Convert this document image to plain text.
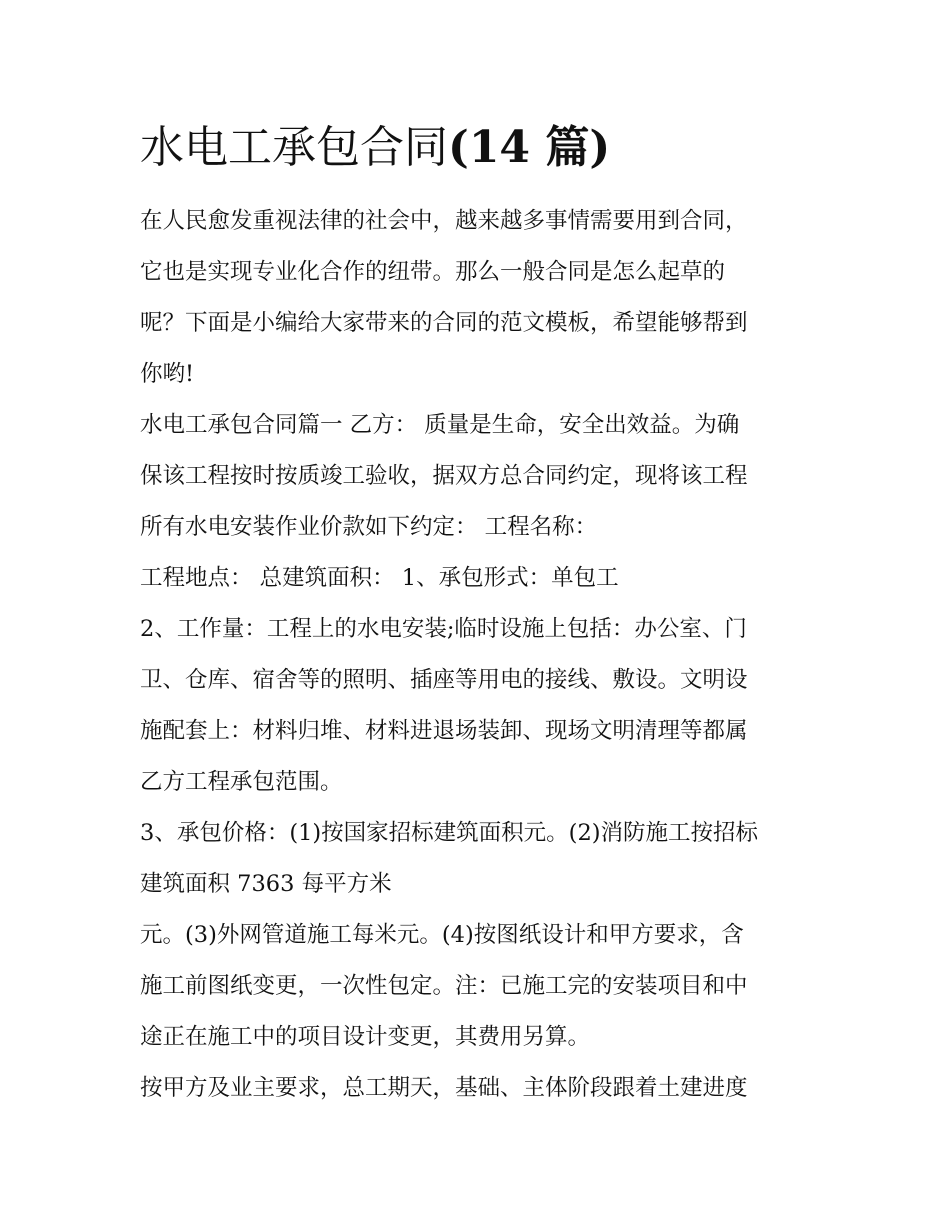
水电工承包合同(14 篇)
在人民愈发重视法律的社会中，越来越多事情需要用到合同，
它也是实现专业化合作的纽带。那么一般合同是怎么起草的
呢？下面是小编给大家带来的合同的范文模板，希望能够帮到
你哟!
水电工承包合同篇一 乙方： 质量是生命，安全出效益。为确
保该工程按时按质竣工验收，据双方总合同约定，现将该工程
所有水电安装作业价款如下约定： 工程名称：
工程地点： 总建筑面积： 1、承包形式：单包工
2、工作量：工程上的水电安装;临时设施上包括：办公室、门
卫、仓库、宿舍等的照明、插座等用电的接线、敷设。文明设
施配套上：材料归堆、材料进退场装卸、现场文明清理等都属
乙方工程承包范围。
3、承包价格：(1)按国家招标建筑面积元。(2)消防施工按招标
建筑面积 7363 每平方米
元。(3)外网管道施工每米元。(4)按图纸设计和甲方要求，含
施工前图纸变更，一次性包定。注：已施工完的安装项目和中
途正在施工中的项目设计变更，其费用另算。
按甲方及业主要求，总工期天，基础、主体阶段跟着土建进度
